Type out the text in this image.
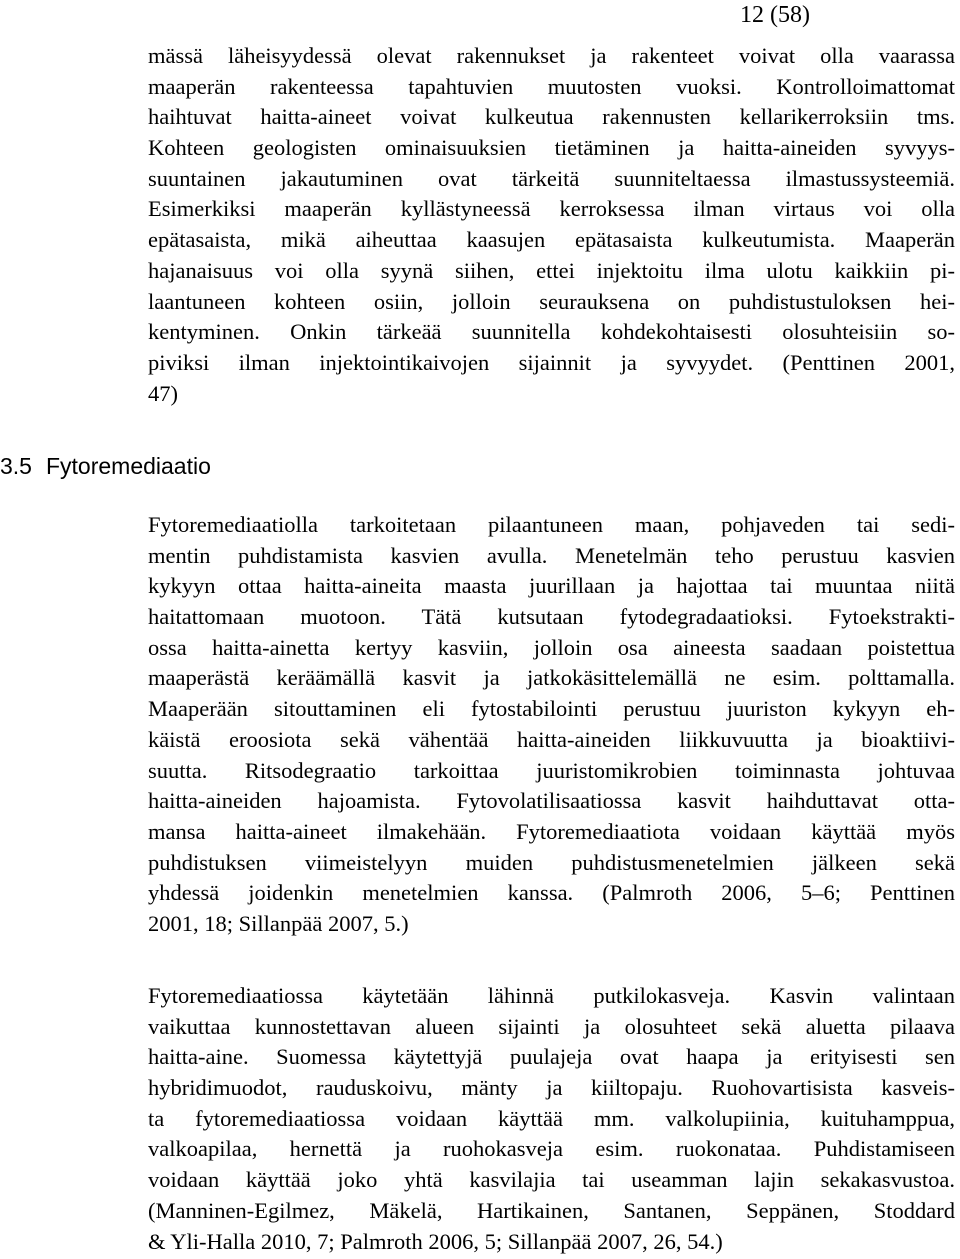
12 (58)
mässä läheisyydessä olevat rakennukset ja rakenteet voivat olla vaarassa
maaperän rakenteessa tapahtuvien muutosten vuoksi. Kontrolloimattomat
haihtuvat haitta-aineet voivat kulkeutua rakennusten kellarikerroksiin tms.
Kohteen geologisten ominaisuuksien tietäminen ja haitta-aineiden syvyys-
suuntainen jakautuminen ovat tärkeitä suunniteltaessa ilmastussysteemiä.
Esimerkiksi maaperän kyllästyneessä kerroksessa ilman virtaus voi olla
epätasaista, mikä aiheuttaa kaasujen epätasaista kulkeutumista. Maaperän
hajanaisuus voi olla syynä siihen, ettei injektoitu ilma ulotu kaikkiin pi-
laantuneen kohteen osiin, jolloin seurauksena on puhdistustuloksen hei-
kentyminen. Onkin tärkeää suunnitella kohdekohtaisesti olosuhteisiin so-
piviksi ilman injektointikaivojen sijainnit ja syvyydet. (Penttinen 2001,
47)
3.5 Fytoremediaatio
Fytoremediaatiolla tarkoitetaan pilaantuneen maan, pohjaveden tai sedi-
mentin puhdistamista kasvien avulla. Menetelmän teho perustuu kasvien
kykyyn ottaa haitta-aineita maasta juurillaan ja hajottaa tai muuntaa niitä
haitattomaan muotoon. Tätä kutsutaan fytodegradaatioksi. Fytoekstrakti-
ossa haitta-ainetta kertyy kasviin, jolloin osa aineesta saadaan poistettua
maaperästä keräämällä kasvit ja jatkokäsittelemällä ne esim. polttamalla.
Maaperään sitouttaminen eli fytostabilointi perustuu juuriston kykyyn eh-
käistä eroosiota sekä vähentää haitta-aineiden liikkuvuutta ja bioaktiivi-
suutta. Ritsodegraatio tarkoittaa juuristomikrobien toiminnasta johtuvaa
haitta-aineiden hajoamista. Fytovolatilisaatiossa kasvit haihduttavat otta-
mansa haitta-aineet ilmakehään. Fytoremediaatiota voidaan käyttää myös
puhdistuksen viimeistelyyn muiden puhdistusmenetelmien jälkeen sekä
yhdessä joidenkin menetelmien kanssa. (Palmroth 2006, 5–6; Penttinen
2001, 18; Sillanpää 2007, 5.)
Fytoremediaatiossa käytetään lähinnä putkilokasveja. Kasvin valintaan
vaikuttaa kunnostettavan alueen sijainti ja olosuhteet sekä aluetta pilaava
haitta-aine. Suomessa käytettyjä puulajeja ovat haapa ja erityisesti sen
hybridimuodot, rauduskoivu, mänty ja kiiltopaju. Ruohovartisista kasveis-
ta fytoremediaatiossa voidaan käyttää mm. valkolupiinia, kuituhamppua,
valkoapilaa, hernettä ja ruohokasveja esim. ruokonataa. Puhdistamiseen
voidaan käyttää joko yhtä kasvilajia tai useamman lajin sekakasvustoa.
(Manninen-Egilmez, Mäkelä, Hartikainen, Santanen, Seppänen, Stoddard
& Yli-Halla 2010, 7; Palmroth 2006, 5; Sillanpää 2007, 26, 54.)
